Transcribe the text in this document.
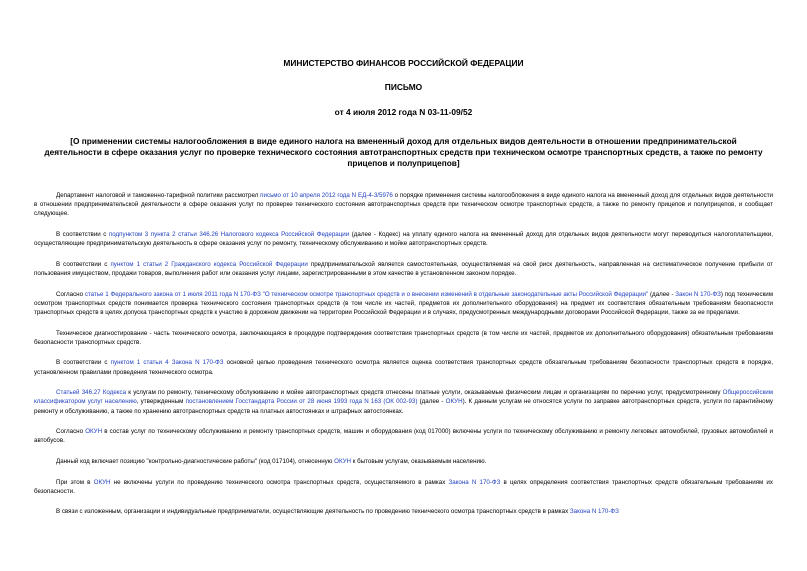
МИНИСТЕРСТВО ФИНАНСОВ РОССИЙСКОЙ ФЕДЕРАЦИИ
ПИСЬМО
от 4 июля 2012 года N 03-11-09/52
[О применении системы налогообложения в виде единого налога на вмененный доход для отдельных видов деятельности в отношении предпринимательской деятельности в сфере оказания услуг по проверке технического состояния автотранспортных средств при техническом осмотре транспортных средств, а также по ремонту прицепов и полуприцепов]

Департамент налоговой и таможенно-тарифной политики рассмотрел письмо от 10 апреля 2012 года N ЕД-4-3/5976 о порядке применения системы налогообложения в виде единого налога на вмененный доход для отдельных видов деятельности в отношении предпринимательской деятельности в сфере оказания услуг по проверке технического состояния автотранспортных средств при техническом осмотре транспортных средств, а также по ремонту прицепов и полуприцепов, и сообщает следующее.

В соответствии с подпунктом 3 пункта 2 статьи 346.26 Налогового кодекса Российской Федерации (далее - Кодекс) на уплату единого налога на вмененный доход для отдельных видов деятельности могут переводиться налогоплательщики, осуществляющие предпринимательскую деятельность в сфере оказания услуг по ремонту, техническому обслуживанию и мойке автотранспортных средств.

В соответствии с пунктом 1 статьи 2 Гражданского кодекса Российской Федерации предпринимательской является самостоятельная, осуществляемая на свой риск деятельность, направленная на систематическое получение прибыли от пользования имуществом, продажи товаров, выполнения работ или оказания услуг лицами, зарегистрированными в этом качестве в установленном законом порядке.

Согласно статье 1 Федерального закона от 1 июля 2011 года N 170-ФЗ "О техническом осмотре транспортных средств и о внесении изменений в отдельные законодательные акты Российской Федерации" (далее - Закон N 170-ФЗ) под техническим осмотром транспортных средств понимается проверка технического состояния транспортных средств (в том числе их частей, предметов их дополнительного оборудования) на предмет их соответствия обязательным требованиям безопасности транспортных средств в целях допуска транспортных средств к участию в дорожном движении на территории Российской Федерации и в случаях, предусмотренных международными договорами Российской Федерации, также за ее пределами.

Техническое диагностирование - часть технического осмотра, заключающаяся в процедуре подтверждения соответствия транспортных средств (в том числе их частей, предметов их дополнительного оборудования) обязательным требованиям безопасности транспортных средств.

В соответствии с пунктом 1 статьи 4 Закона N 170-ФЗ основной целью проведения технического осмотра является оценка соответствия транспортных средств обязательным требованиям безопасности транспортных средств в порядке, установленном правилами проведения технического осмотра.

Статьей 346.27 Кодекса к услугам по ремонту, техническому обслуживанию и мойке автотранспортных средств отнесены платные услуги, оказываемые физическим лицам и организациям по перечню услуг, предусмотренному Общероссийским классификатором услуг населению, утвержденным постановлением Госстандарта России от 28 июня 1993 года N 163 (ОК 002-93) (далее - ОКУН). К данным услугам не относятся услуги по заправке автотранспортных средств, услуги по гарантийному ремонту и обслуживанию, а также по хранению автотранспортных средств на платных автостоянках и штрафных автостоянках.

Согласно ОКУН в состав услуг по техническому обслуживанию и ремонту транспортных средств, машин и оборудования (код 017000) включены услуги по техническому обслуживанию и ремонту легковых автомобилей, грузовых автомобилей и автобусов.

Данный код включает позицию "контрольно-диагностические работы" (код 017104), отнесенную ОКУН к бытовым услугам, оказываемым населению.

При этом в ОКУН не включены услуги по проведению технического осмотра транспортных средств, осуществляемого в рамках Закона N 170-ФЗ в целях определения соответствия транспортных средств обязательным требованиям их безопасности.

В связи с изложенным, организации и индивидуальные предприниматели, осуществляющие деятельность по проведению технического осмотра транспортных средств в рамках Закона N 170-ФЗ
